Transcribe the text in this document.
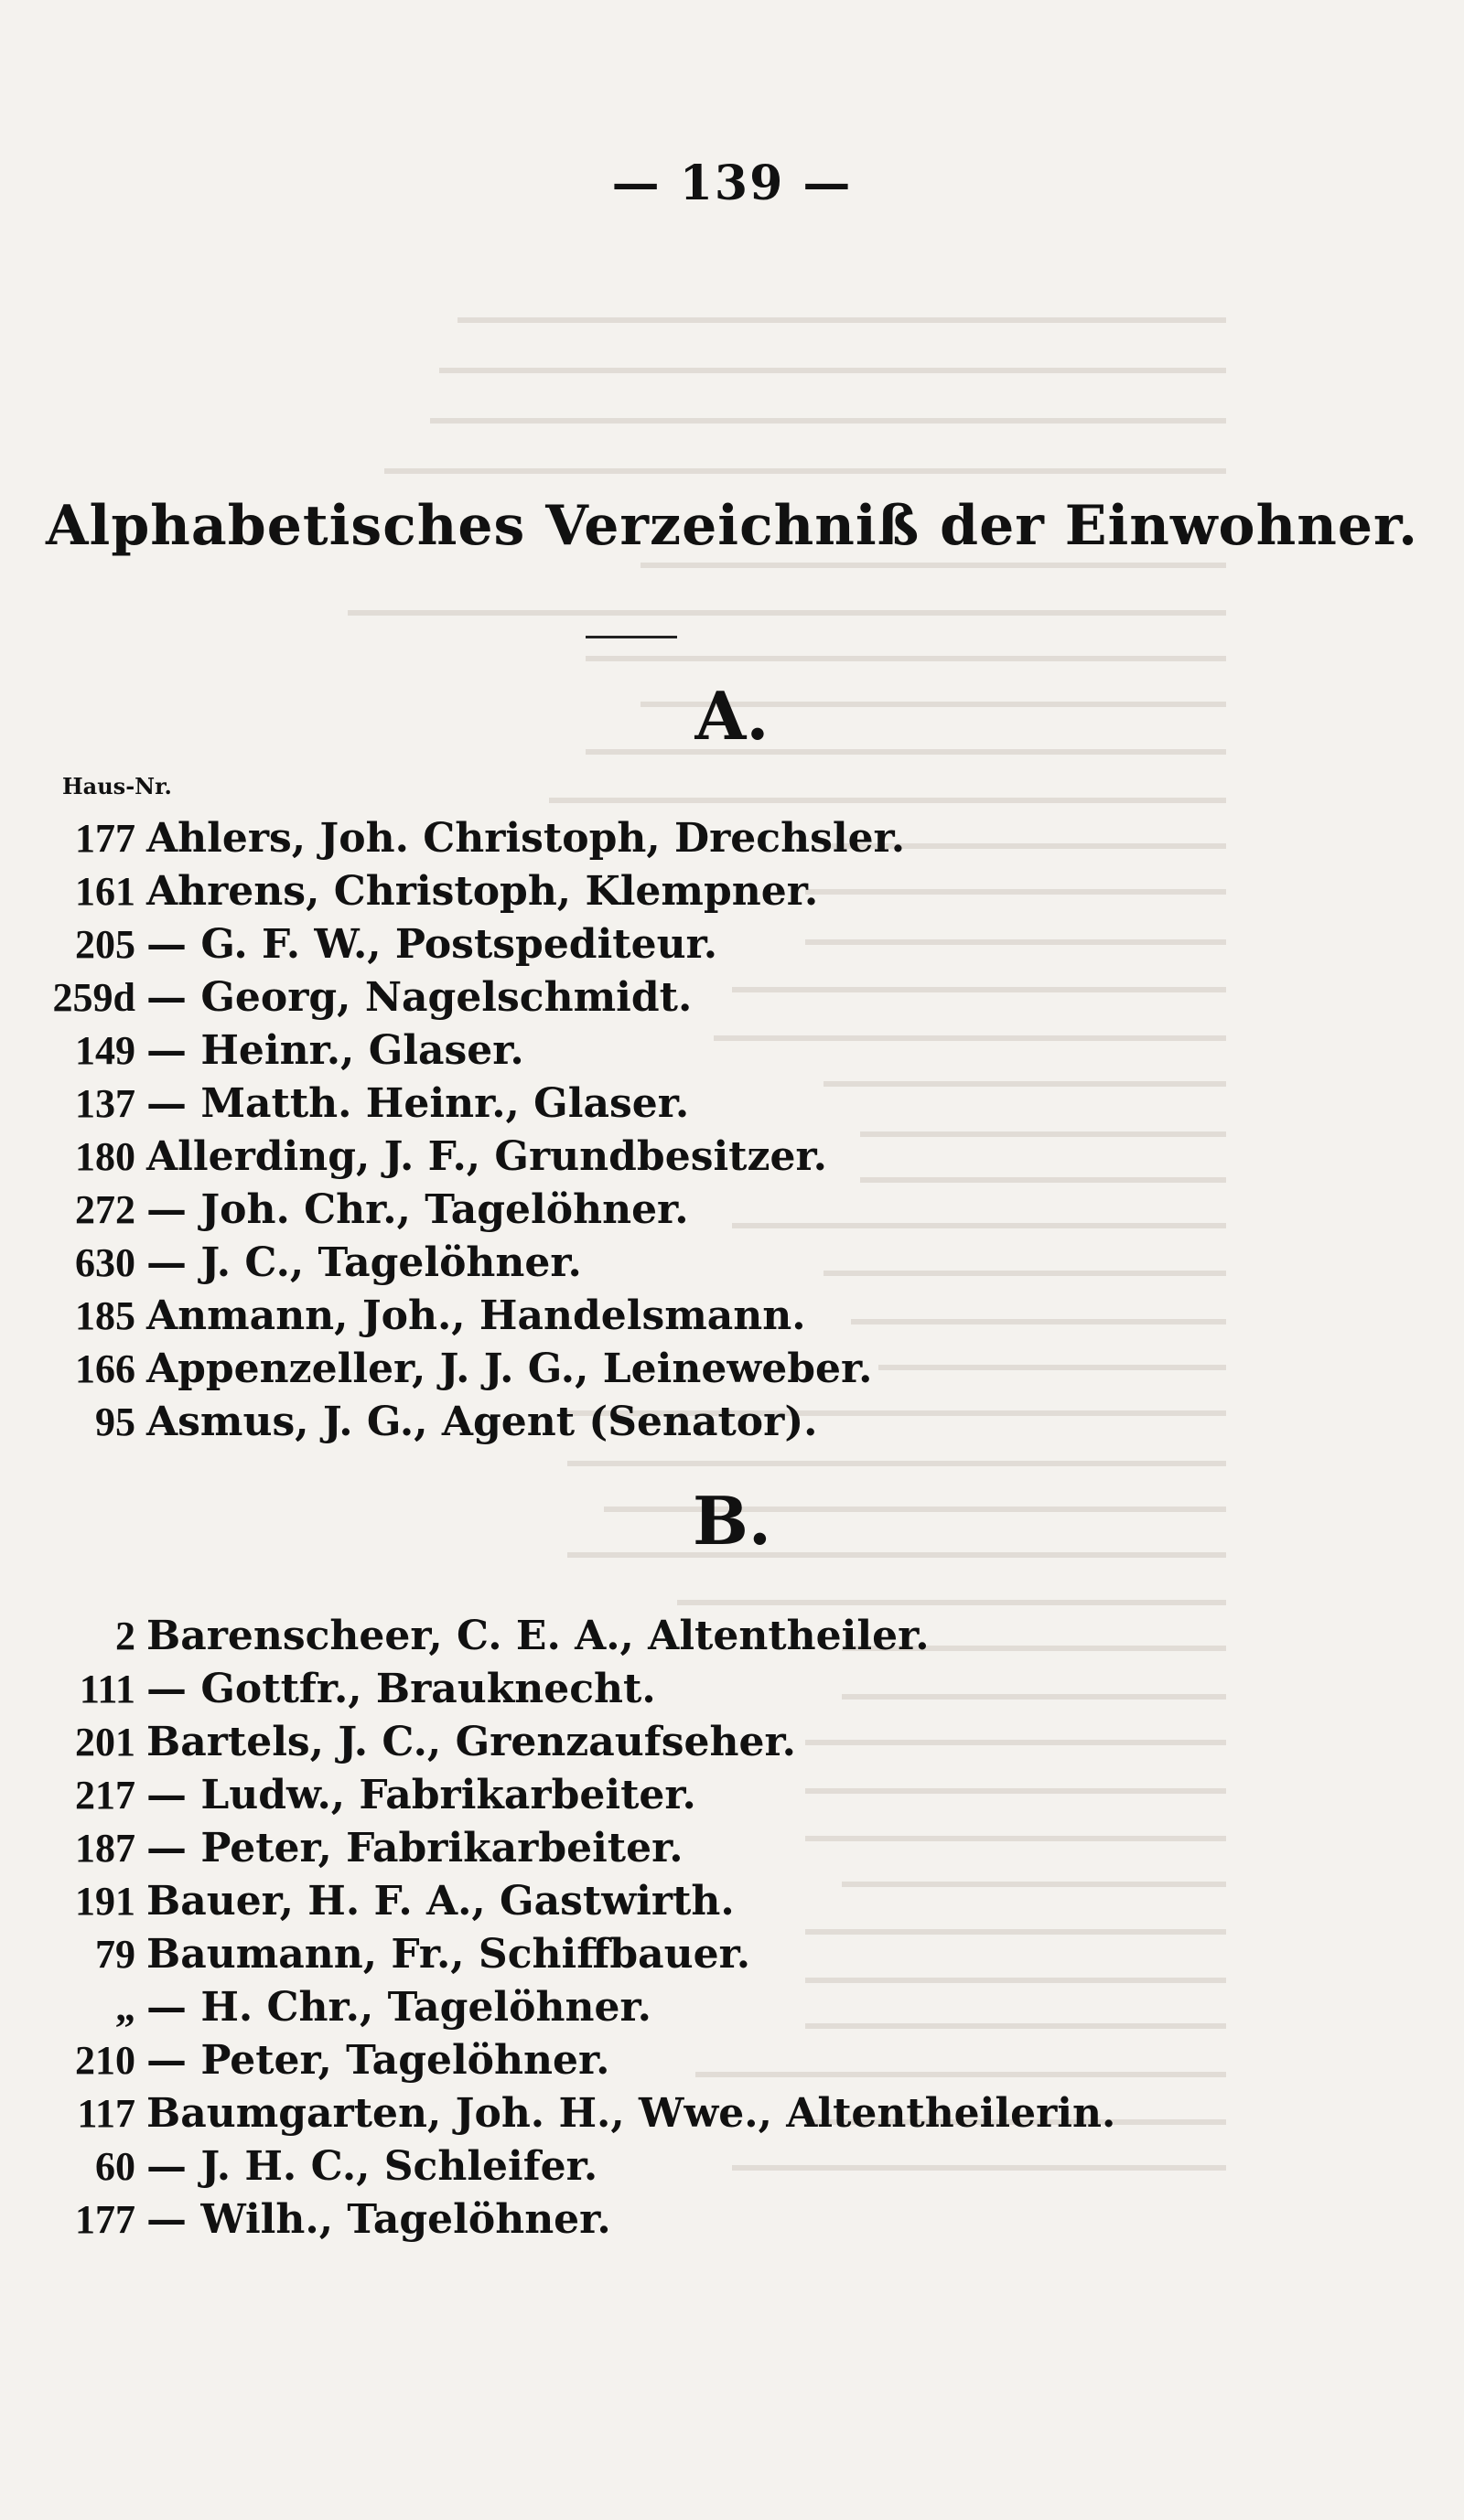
— 139 —
Alphabetisches Verzeichniß der Einwohner.
A.
Haus-Nr.
177 Ahlers, Joh. Christoph, Drechsler.
161 Ahrens, Christoph, Klempner.
205 — G. F. W., Postspediteur.
259d — Georg, Nagelschmidt.
149 — Heinr., Glaser.
137 — Matth. Heinr., Glaser.
180 Allerding, J. F., Grundbesitzer.
272 — Joh. Chr., Tagelöhner.
630 — J. C., Tagelöhner.
185 Anmann, Joh., Handelsmann.
166 Appenzeller, J. J. G., Leineweber.
95 Asmus, J. G., Agent (Senator).
B.
2 Barenscheer, C. E. A., Altentheiler.
111 — Gottfr., Brauknecht.
201 Bartels, J. C., Grenzaufseher.
217 — Ludw., Fabrikarbeiter.
187 — Peter, Fabrikarbeiter.
191 Bauer, H. F. A., Gastwirth.
79 Baumann, Fr., Schiffbauer.
„ — H. Chr., Tagelöhner.
210 — Peter, Tagelöhner.
117 Baumgarten, Joh. H., Wwe., Altentheilerin.
60 — J. H. C., Schleifer.
177 — Wilh., Tagelöhner.
